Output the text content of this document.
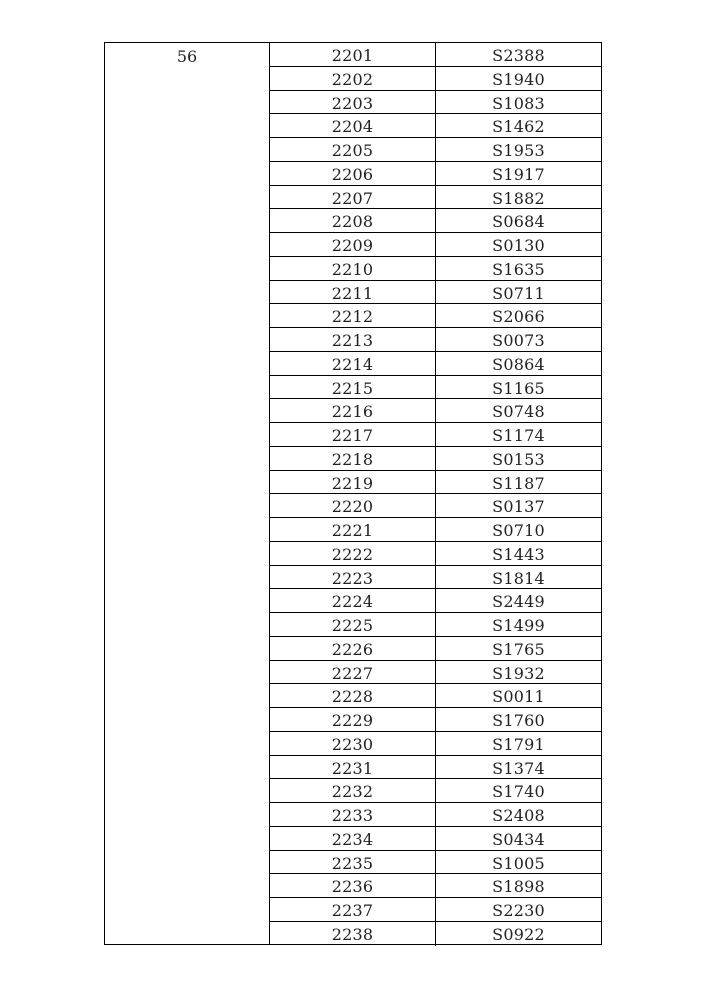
56	2201	S2388
2202	S1940
2203	S1083
2204	S1462
2205	S1953
2206	S1917
2207	S1882
2208	S0684
2209	S0130
2210	S1635
2211	S0711
2212	S2066
2213	S0073
2214	S0864
2215	S1165
2216	S0748
2217	S1174
2218	S0153
2219	S1187
2220	S0137
2221	S0710
2222	S1443
2223	S1814
2224	S2449
2225	S1499
2226	S1765
2227	S1932
2228	S0011
2229	S1760
2230	S1791
2231	S1374
2232	S1740
2233	S2408
2234	S0434
2235	S1005
2236	S1898
2237	S2230
2238	S0922
